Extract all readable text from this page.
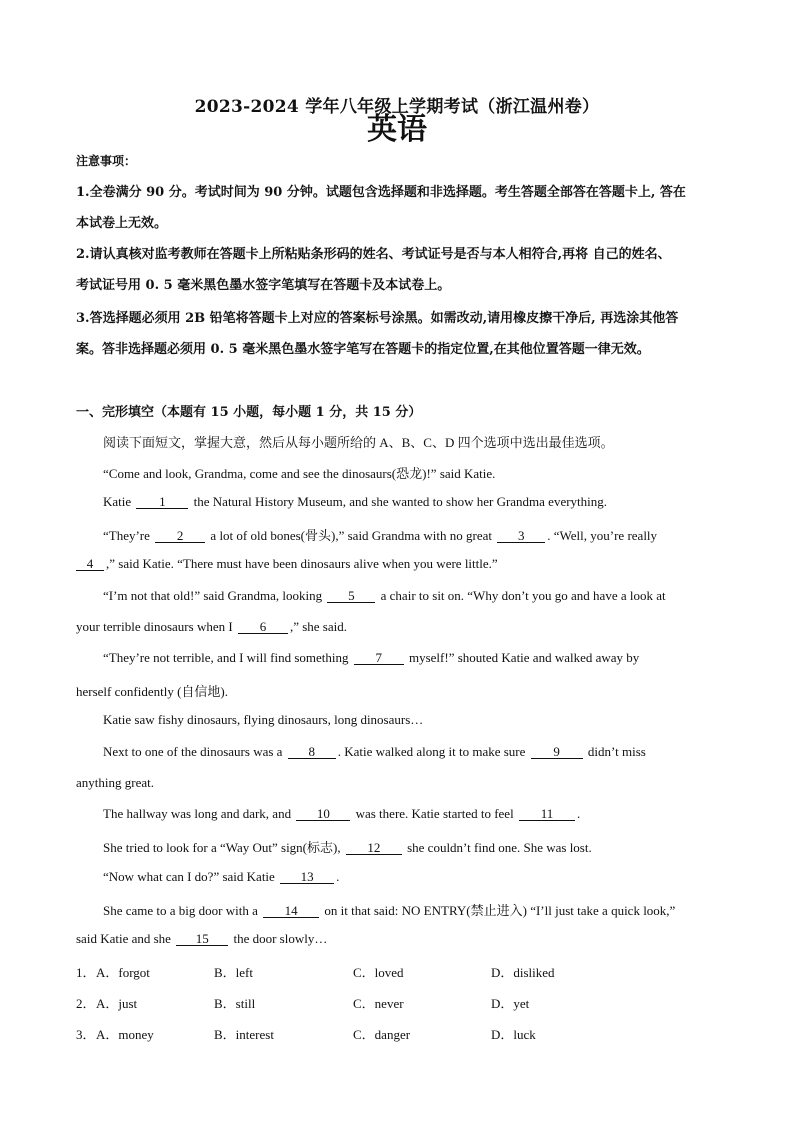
2023-2024 学年八年级上学期考试（浙江温州卷）
英语
注意事项：
1.全卷满分 90 分。考试时间为 90 分钟。试题包含选择题和非选择题。考生答题全部答在答题卡上, 答在
本试卷上无效。
2.请认真核对监考教师在答题卡上所粘贴条形码的姓名、考试证号是否与本人相符合,再将 自己的姓名、
考试证号用 0. 5 毫米黑色墨水签字笔填写在答题卡及本试卷上。
3.答选择题必须用 2B 铅笔将答题卡上对应的答案标号涂黑。如需改动,请用橡皮擦干净后, 再选涂其他答
案。答非选择题必须用 0. 5 毫米黑色墨水签字笔写在答题卡的指定位置,在其他位置答题一律无效。
一、完形填空（本题有 15 小题，每小题 1 分，共 15 分）
阅读下面短文，掌握大意，然后从每小题所给的 A、B、C、D 四个选项中选出最佳选项。
“Come and look, Grandma, come and see the dinosaurs(恐龙)!” said Katie.
Katie 1 the Natural History Museum, and she wanted to show her Grandma everything.
“They’re 2 a lot of old bones(骨头),” said Grandma with no great 3 . “Well, you’re really
4 ,” said Katie. “There must have been dinosaurs alive when you were little.”
“I’m not that old!” said Grandma, looking 5 a chair to sit on. “Why don’t you go and have a look at
your terrible dinosaurs when I 6 ,” she said.
“They’re not terrible, and I will find something 7 myself!” shouted Katie and walked away by
herself confidently (自信地).
Katie saw fishy dinosaurs, flying dinosaurs, long dinosaurs…
Next to one of the dinosaurs was a 8 . Katie walked along it to make sure 9 didn’t miss
anything great.
The hallway was long and dark, and 10 was there. Katie started to feel 11 .
She tried to look for a “Way Out” sign(标志), 12 she couldn’t find one. She was lost.
“Now what can I do?” said Katie 13 .
She came to a big door with a 14 on it that said: NO ENTRY(禁止进入) “I’ll just take a quick look,”
said Katie and she 15 the door slowly…
1． A．forgot	B．left	C．loved	D．disliked
2． A．just	B．still	C．never	D．yet
3． A．money	B．interest	C．danger	D．luck
